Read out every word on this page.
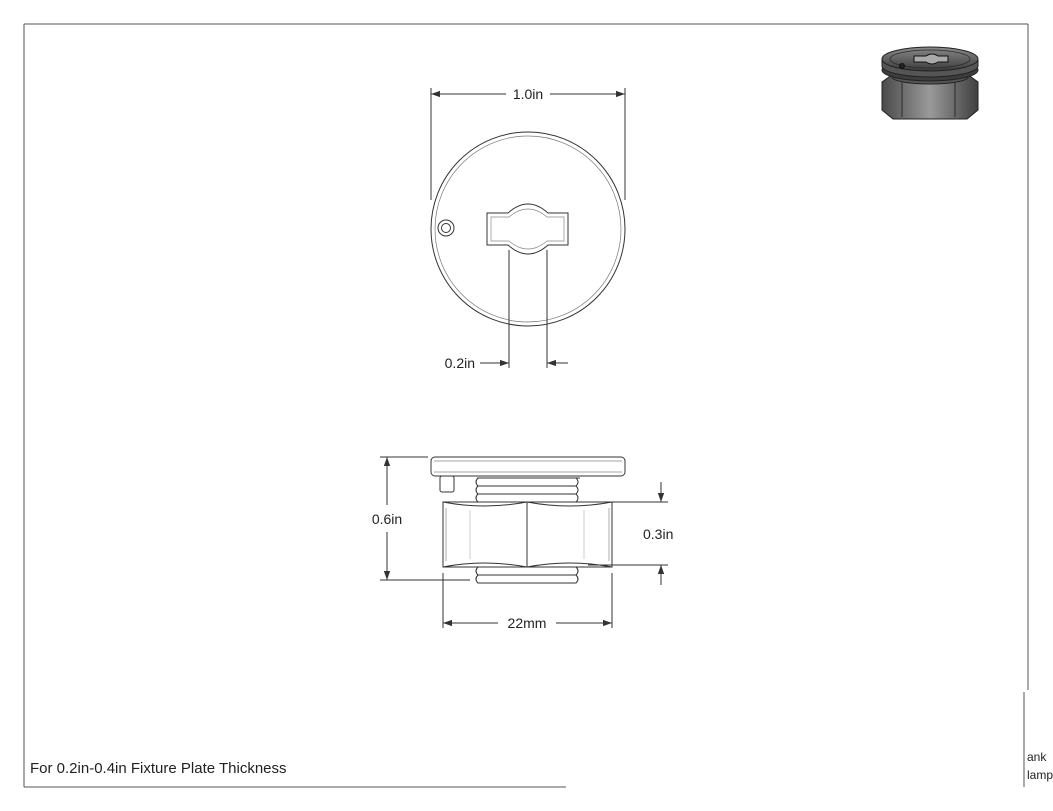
1.0in
0.2in
0.6in
0.3in
22mm
For 0.2in-0.4in Fixture Plate Thickness
ank
lamp
